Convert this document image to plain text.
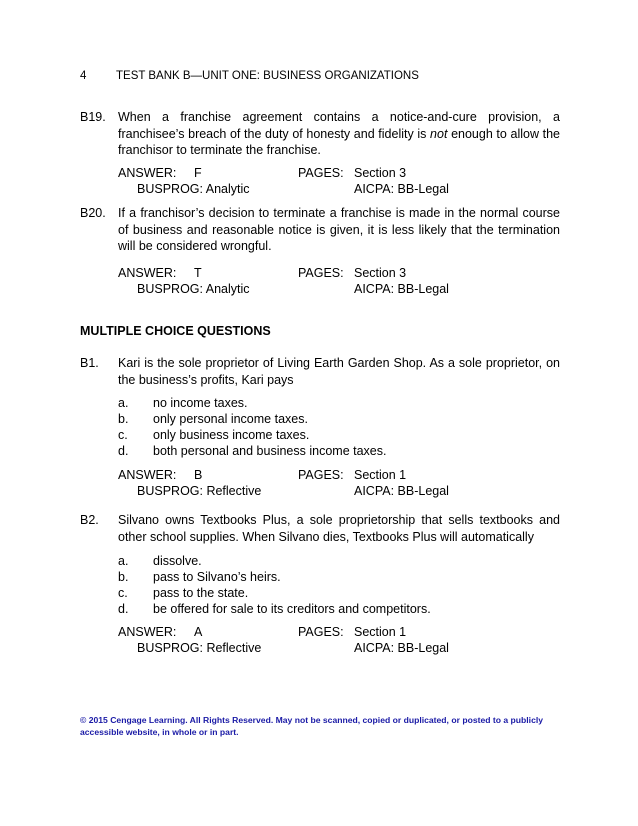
4	TEST BANK B—UNIT ONE: BUSINESS ORGANIZATIONS
B19. When a franchise agreement contains a notice-and-cure provision, a franchisee’s breach of the duty of honesty and fidelity is not enough to allow the franchisor to terminate the franchise.
ANSWER: F	PAGES: Section 3
BUSPROG: Analytic	AICPA: BB-Legal
B20. If a franchisor’s decision to terminate a franchise is made in the normal course of business and reasonable notice is given, it is less likely that the termination will be considered wrongful.
ANSWER: T	PAGES: Section 3
BUSPROG: Analytic	AICPA: BB-Legal
MULTIPLE CHOICE QUESTIONS
B1. Kari is the sole proprietor of Living Earth Garden Shop. As a sole proprietor, on the business’s profits, Kari pays
a. no income taxes.
b. only personal income taxes.
c. only business income taxes.
d. both personal and business income taxes.
ANSWER: B	PAGES: Section 1
BUSPROG: Reflective	AICPA: BB-Legal
B2. Silvano owns Textbooks Plus, a sole proprietorship that sells textbooks and other school supplies. When Silvano dies, Textbooks Plus will automatically
a. dissolve.
b. pass to Silvano’s heirs.
c. pass to the state.
d. be offered for sale to its creditors and competitors.
ANSWER: A	PAGES: Section 1
BUSPROG: Reflective	AICPA: BB-Legal
© 2015 Cengage Learning. All Rights Reserved. May not be scanned, copied or duplicated, or posted to a publicly accessible website, in whole or in part.
